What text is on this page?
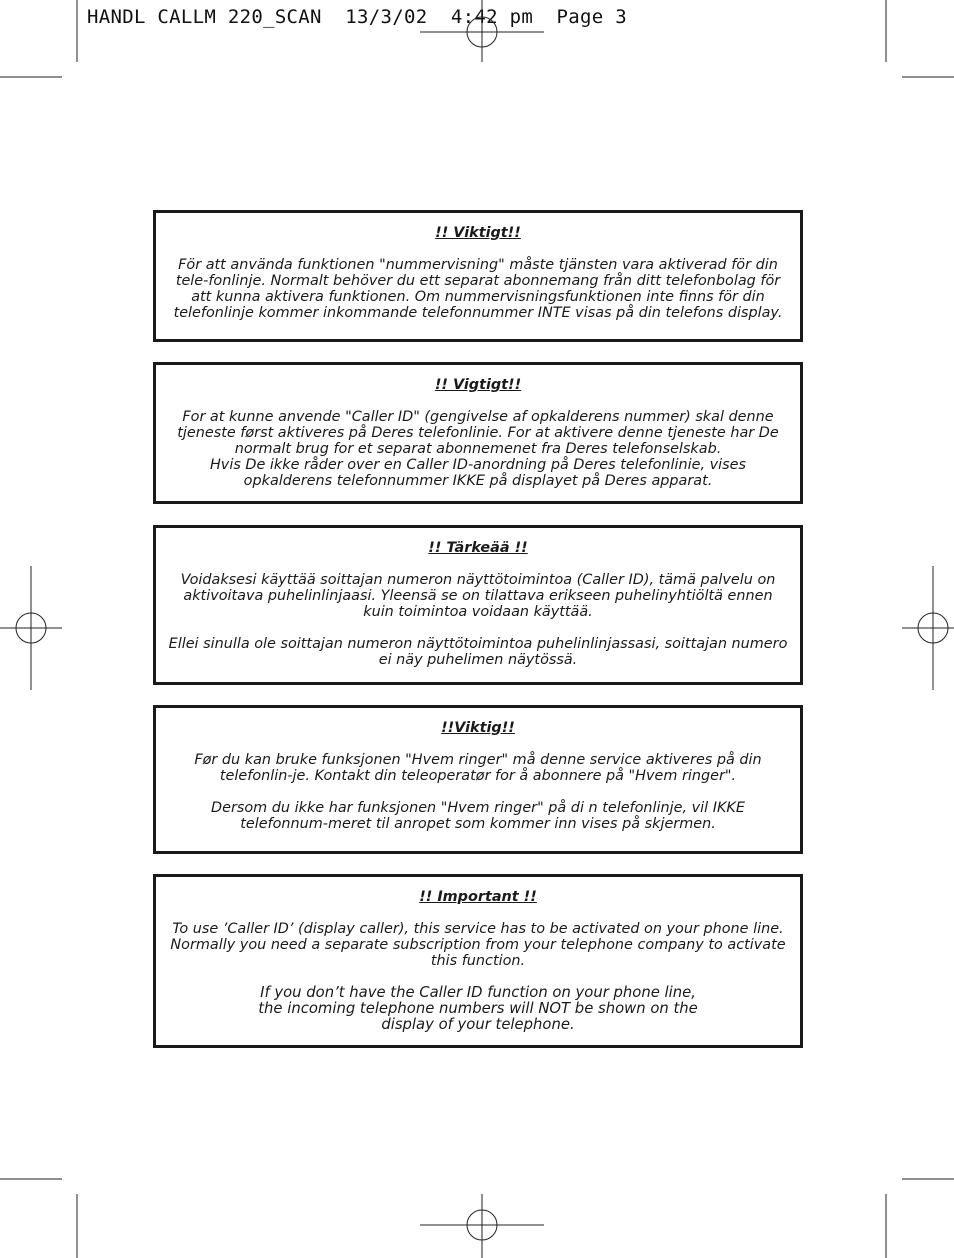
HANDL CALLM 220_SCAN  13/3/02  4:42 pm  Page 3
!! Viktigt!!

För att använda funktionen "nummervisning" måste tjänsten vara aktiverad för din tele-fonlinje. Normalt behöver du ett separat abonnemang från ditt telefonbolag för att kunna aktivera funktionen. Om nummervisningsfunktionen inte finns för din telefonlinje kommer inkommande telefonnummer INTE visas på din telefons display.

!! Vigtigt!!

For at kunne anvende "Caller ID" (gengivelse af opkalderens nummer) skal denne tjeneste først aktiveres på Deres telefonlinie. For at aktivere denne tjeneste har De normalt brug for et separat abonnemenet fra Deres telefonselskab.

Hvis De ikke råder over en Caller ID-anordning på Deres telefonlinie, vises opkalderens telefonnummer IKKE på displayet på Deres apparat.

!! Tärkeää !!

Voidaksesi käyttää soittajan numeron näyttötoimintoa (Caller ID), tämä palvelu on aktivoitava puhelinlinjaasi. Yleensä se on tilattava erikseen puhelinyhtiöltä ennen kuin toimintoa voidaan käyttää.

Ellei sinulla ole soittajan numeron näyttötoimintoa puhelinlinjassasi, soittajan numero ei näy puhelimen näytössä.

!!Viktig!!

Før du kan bruke funksjonen "Hvem ringer" må denne service aktiveres på din telefonlin-je. Kontakt din teleoperatør for å abonnere på "Hvem ringer".

Dersom du ikke har funksjonen "Hvem ringer" på di n telefonlinje, vil IKKE telefonnum-meret til anropet som kommer inn vises på skjermen.

!! Important !!

To use ’Caller ID’ (display caller), this service has to be activated on your phone line. Normally you need a separate subscription from your telephone company to activate this function.

If you don’t have the Caller ID function on your phone line,

the incoming telephone numbers will NOT be shown on the

display of your telephone.
